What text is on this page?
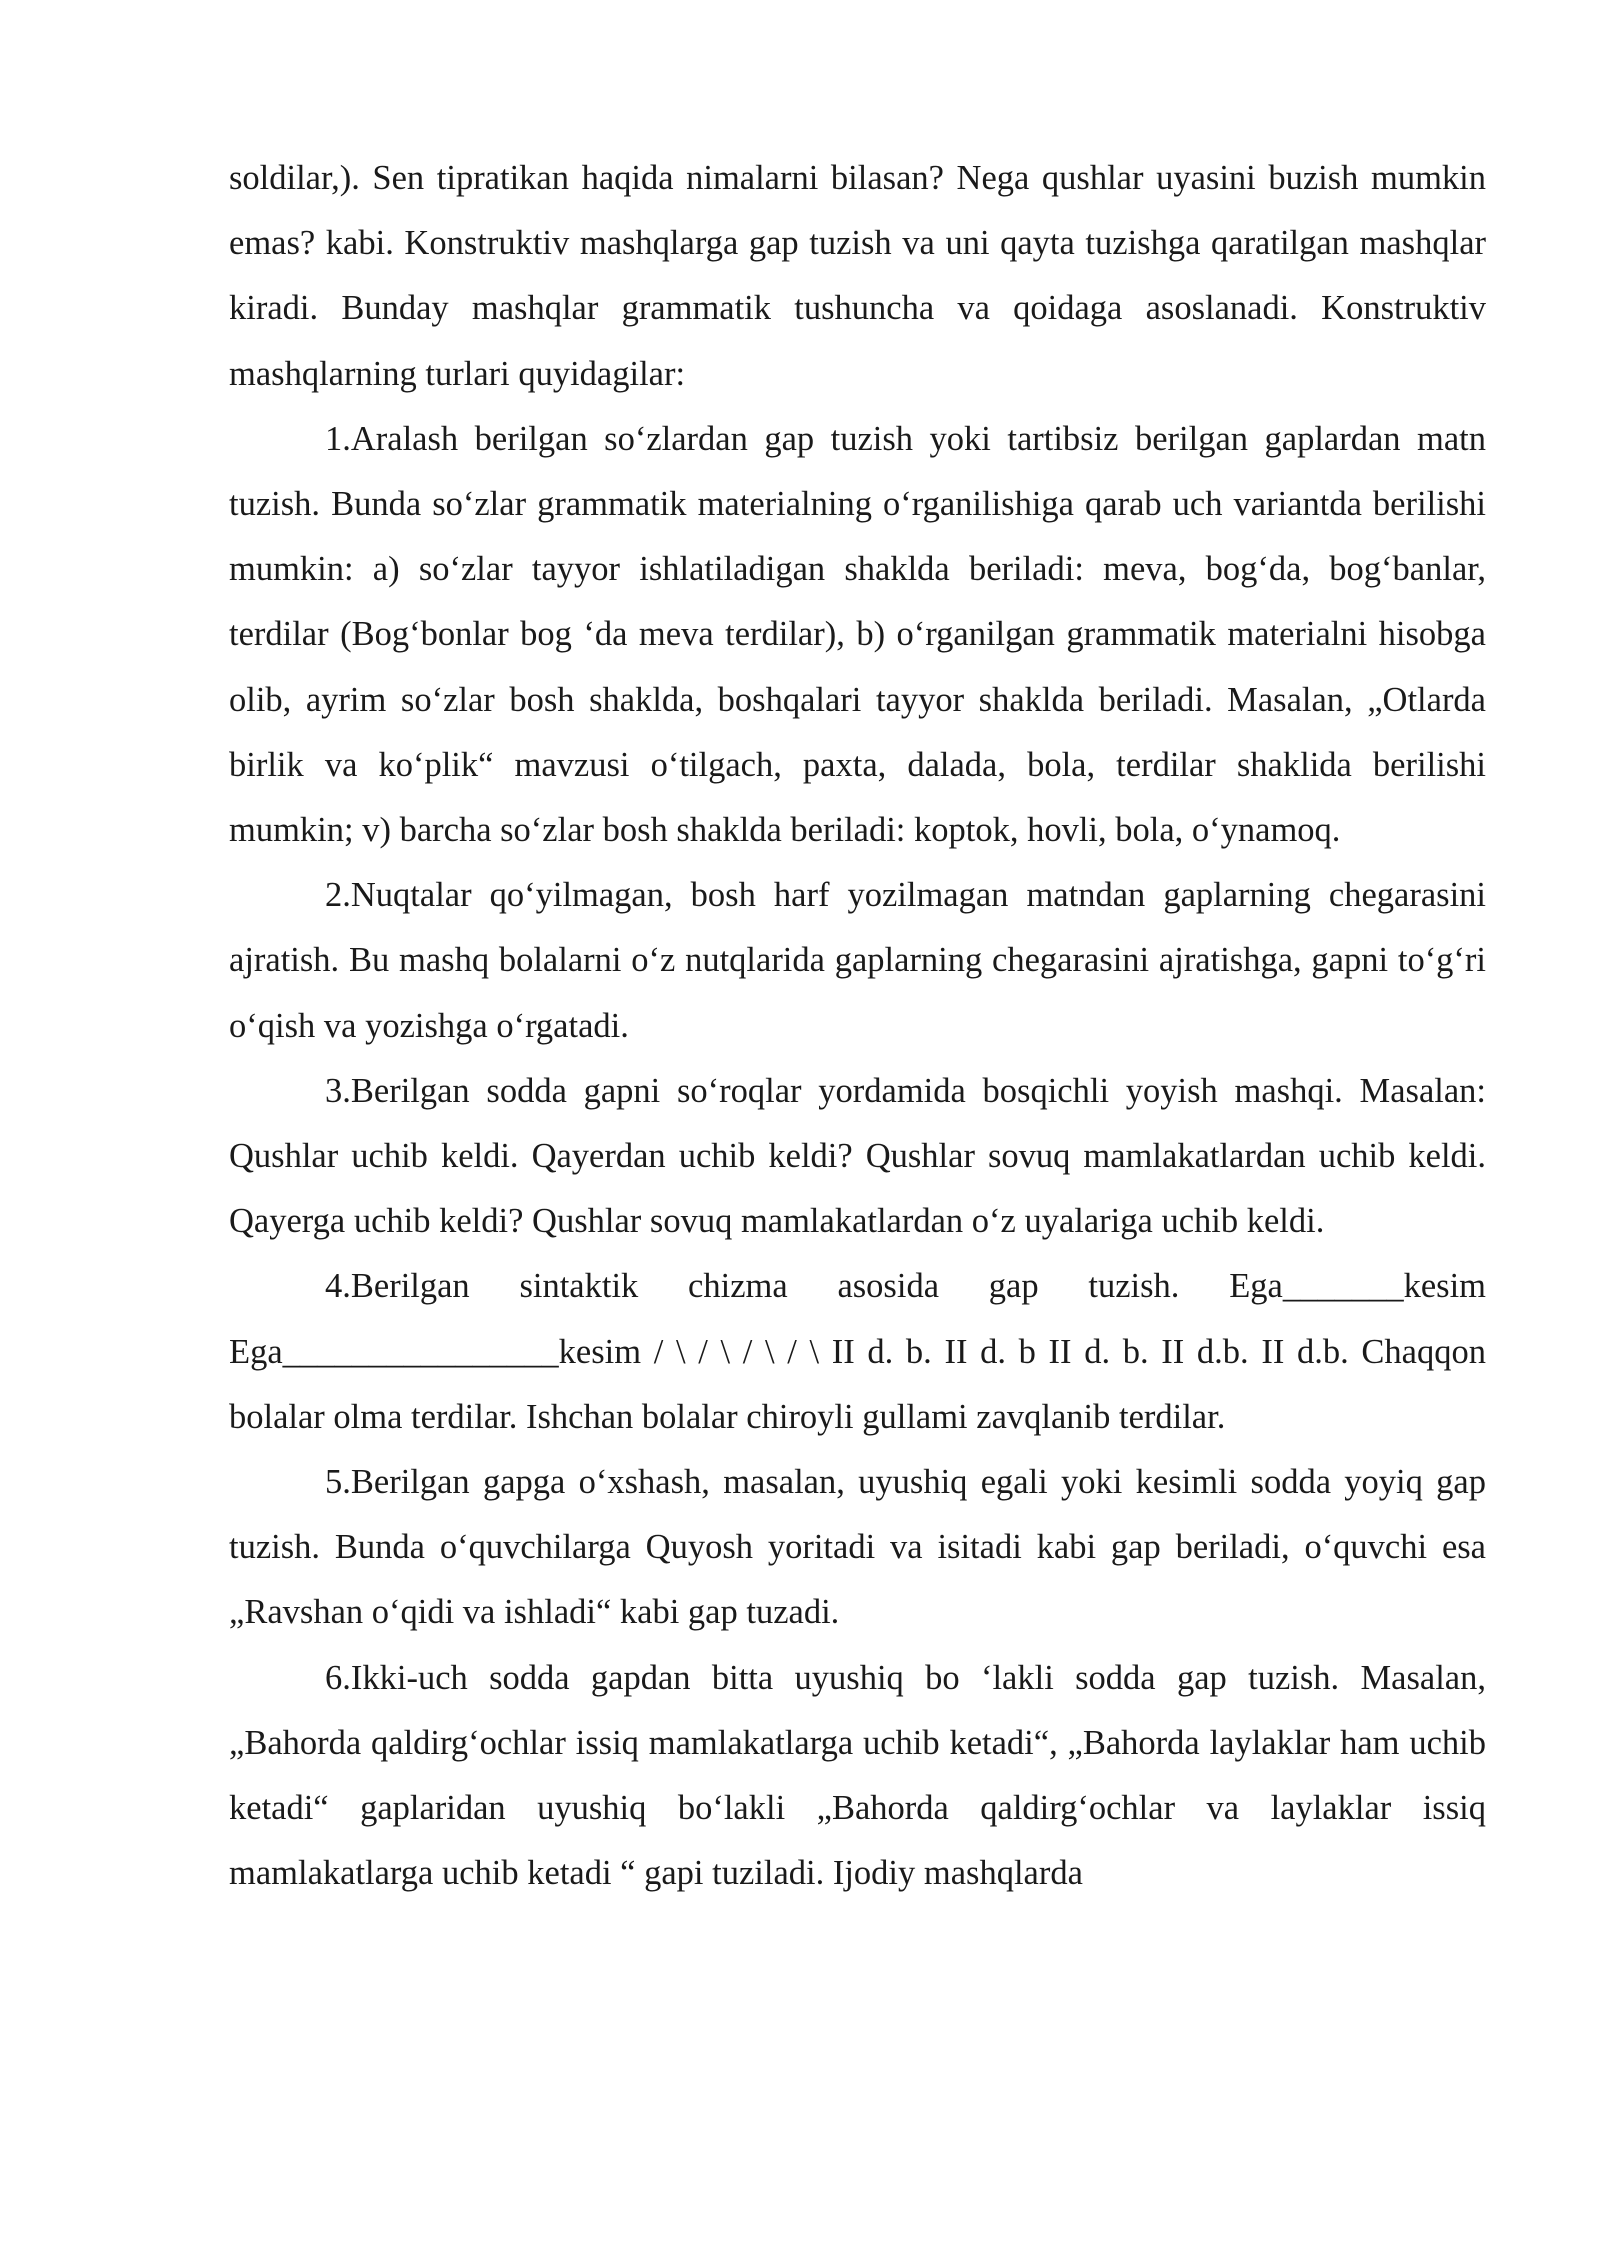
soldilar,). Sen tipratikan haqida nimalarni bilasan? Nega qushlar uyasini buzish mumkin emas? kabi. Konstruktiv mashqlarga gap tuzish va uni qayta tuzishga qaratilgan mashqlar kiradi. Bunday mashqlar grammatik tushuncha va qoidaga asoslanadi. Konstruktiv mashqlarning turlari quyidagilar:

1.Aralash berilgan so‘zlardan gap tuzish yoki tartibsiz berilgan gaplardan matn tuzish. Bunda so‘zlar grammatik materialning o‘rganilishiga qarab uch variantda berilishi mumkin: a) so‘zlar tayyor ishlatiladigan shaklda beriladi: meva, bog‘da, bog‘banlar, terdilar (Bog‘bonlar bog ‘da meva terdilar), b) o‘rganilgan grammatik materialni hisobga olib, ayrim so‘zlar bosh shaklda, boshqalari tayyor shaklda beriladi. Masalan, „Otlarda birlik va ko‘plik“ mavzusi o‘tilgach, paxta, dalada, bola, terdilar shaklida berilishi mumkin; v) barcha so‘zlar bosh shaklda beriladi: koptok, hovli, bola, o‘ynamoq.

2.Nuqtalar qo‘yilmagan, bosh harf yozilmagan matndan gaplarning chegarasini ajratish. Bu mashq bolalarni o‘z nutqlarida gaplarning chegarasini ajratishga, gapni to‘g‘ri o‘qish va yozishga o‘rgatadi.

3.Berilgan sodda gapni so‘roqlar yordamida bosqichli yoyish mashqi. Masalan: Qushlar uchib keldi. Qayerdan uchib keldi? Qushlar sovuq mamlakatlardan uchib keldi. Qayerga uchib keldi? Qushlar sovuq mamlakatlardan o‘z uyalariga uchib keldi.

4.Berilgan sintaktik chizma asosida gap tuzish. Ega_______kesim Ega________________kesim / \ / \ / \ / \ II d. b. II d. b II d. b. II d.b. II d.b. Chaqqon bolalar olma terdilar. Ishchan bolalar chiroyli gullami zavqlanib terdilar.

5.Berilgan gapga o‘xshash, masalan, uyushiq egali yoki kesimli sodda yoyiq gap tuzish. Bunda o‘quvchilarga Quyosh yoritadi va isitadi kabi gap beriladi, o‘quvchi esa „Ravshan o‘qidi va ishladi“ kabi gap tuzadi.

6.Ikki-uch sodda gapdan bitta uyushiq bo ‘lakli sodda gap tuzish. Masalan, „Bahorda qaldirg‘ochlar issiq mamlakatlarga uchib ketadi“, „Bahorda laylaklar ham uchib ketadi“ gaplaridan uyushiq bo‘lakli „Bahorda qaldirg‘ochlar va laylaklar issiq mamlakatlarga uchib ketadi “ gapi tuziladi. Ijodiy mashqlarda
